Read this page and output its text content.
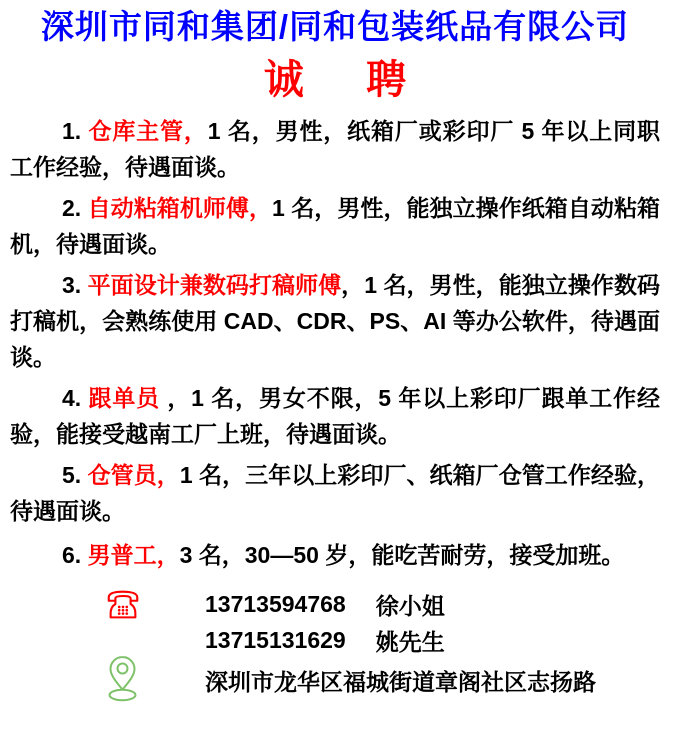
深圳市同和集团/同和包装纸品有限公司
诚　  聘

1. 仓库主管，1 名，男性，纸箱厂或彩印厂 5 年以上同职工作经验，待遇面谈。

2. 自动粘箱机师傅，1 名，男性，能独立操作纸箱自动粘箱机，待遇面谈。

3. 平面设计兼数码打稿师傅，1 名，男性，能独立操作数码打稿机，会熟练使用 CAD、CDR、PS、AI 等办公软件，待遇面谈。

4. 跟单员 ，1 名，男女不限，5 年以上彩印厂跟单工作经验，能接受越南工厂上班，待遇面谈。

5. 仓管员，1 名，三年以上彩印厂、纸箱厂仓管工作经验，待遇面谈。

6. 男普工，3 名，30—50 岁，能吃苦耐劳，接受加班。

13713594768 徐小姐
13715131629 姚先生
深圳市龙华区福城街道章阁社区志扬路
